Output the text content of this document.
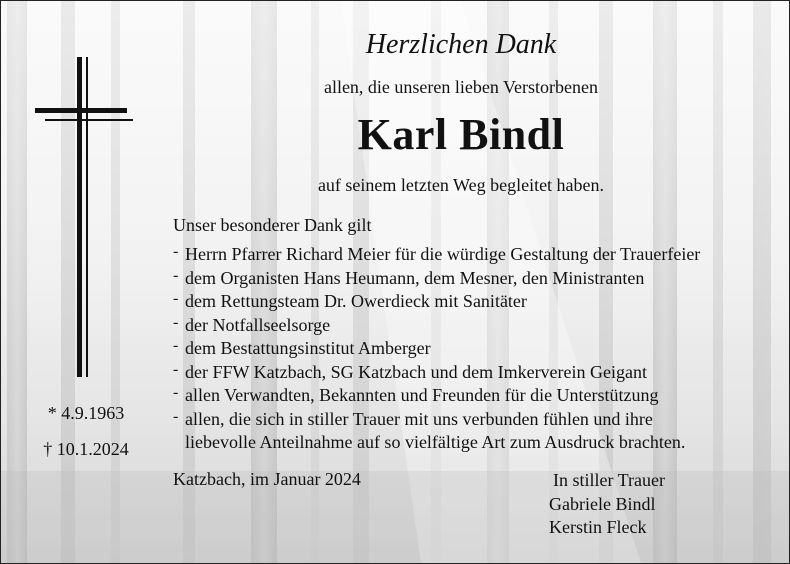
Herzlichen Dank
allen, die unseren lieben Verstorbenen
Karl Bindl
auf seinem letzten Weg begleitet haben.
Unser besonderer Dank gilt
- Herrn Pfarrer Richard Meier für die würdige Gestaltung der Trauerfeier
- dem Organisten Hans Heumann, dem Mesner, den Ministranten
- dem Rettungsteam Dr. Owerdieck mit Sanitäter
- der Notfallseelsorge
- dem Bestattungsinstitut Amberger
- der FFW Katzbach, SG Katzbach und dem Imkerverein Geigant
- allen Verwandten, Bekannten und Freunden für die Unterstützung
- allen, die sich in stiller Trauer mit uns verbunden fühlen und ihre
liebevolle Anteilnahme auf so vielfältige Art zum Ausdruck brachten.
Katzbach, im Januar 2024	In stiller Trauer
Gabriele Bindl
Kerstin Fleck
* 4.9.1963
† 10.1.2024
